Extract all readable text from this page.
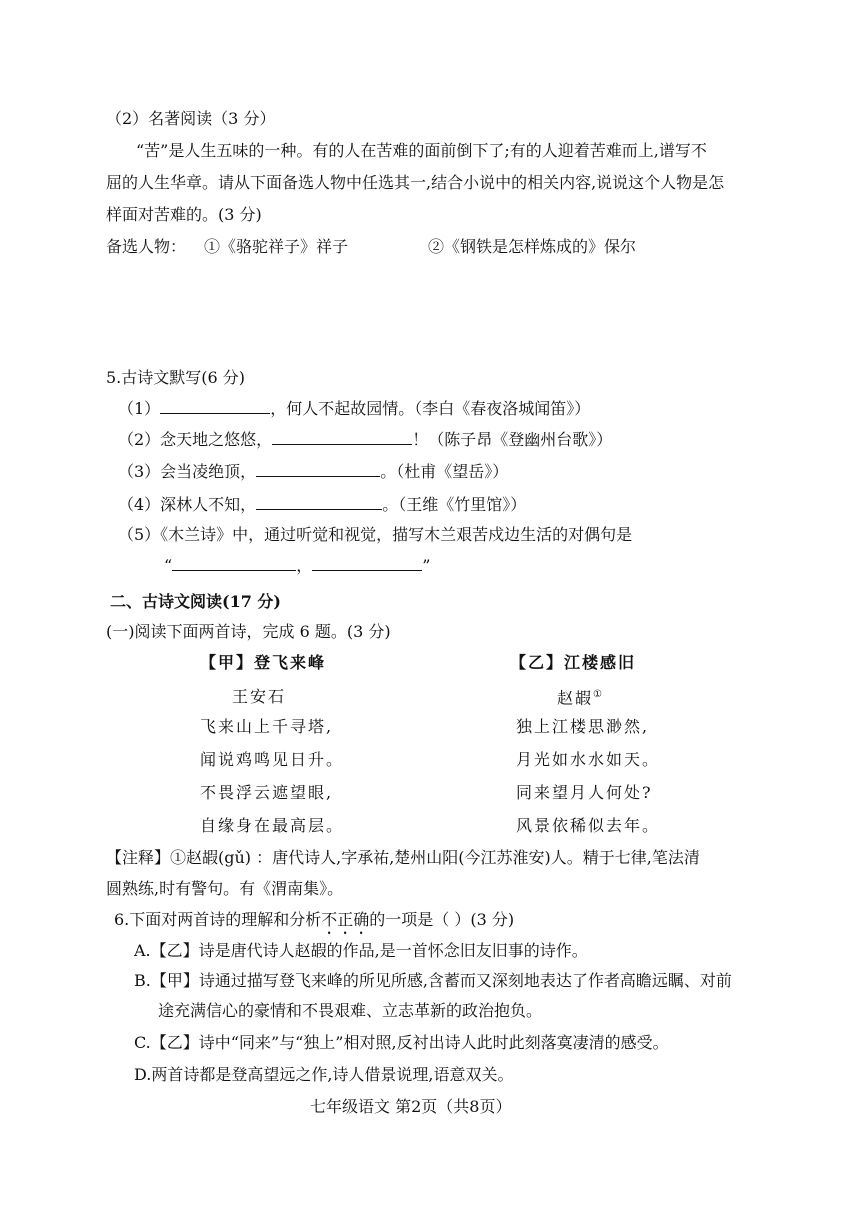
（2）名著阅读（3 分）
“苦”是人生五味的一种。有的人在苦难的面前倒下了;有的人迎着苦难而上,谱写不
屈的人生华章。请从下面备选人物中任选其一,结合小说中的相关内容,说说这个人物是怎
样面对苦难的。(3 分)
备选人物： ①《骆驼祥子》祥子	②《钢铁是怎样炼成的》保尔
5.古诗文默写(6 分)
（1）	，何人不起故园情。（李白《春夜洛城闻笛》）
（2）念天地之悠悠，	！（陈子昂《登幽州台歌》）
（3）会当凌绝顶，	。（杜甫《望岳》）
（4）深林人不知，	。（王维《竹里馆》）
（5）《木兰诗》中，通过听觉和视觉，描写木兰艰苦戍边生活的对偶句是
“	，	”
二、古诗文阅读(17 分)
(一)阅读下面两首诗，完成 6 题。(3 分)
【甲】登飞来峰
王安石
飞来山上千寻塔,
闻说鸡鸣见日升。
不畏浮云遮望眼,
自缘身在最高层。
【乙】江楼感旧
赵嘏①
独上江楼思渺然,
月光如水水如天。
同来望月人何处?
风景依稀似去年。
【注释】①赵嘏(gǔ) ：唐代诗人,字承祐,楚州山阳(今江苏淮安)人。精于七律,笔法清
圆熟练,时有警句。有《渭南集》。
6.下面对两首诗的理解和分析不正确的一项是（ ）(3 分)
A.【乙】诗是唐代诗人赵嘏的作品,是一首怀念旧友旧事的诗作。
B.【甲】诗通过描写登飞来峰的所见所感,含蓄而又深刻地表达了作者高瞻远瞩、对前
途充满信心的豪情和不畏艰难、立志革新的政治抱负。
C.【乙】诗中“同来”与“独上”相对照,反衬出诗人此时此刻落寞凄清的感受。
D.两首诗都是登高望远之作,诗人借景说理,语意双关。
七年级语文 第2页（共8页）
